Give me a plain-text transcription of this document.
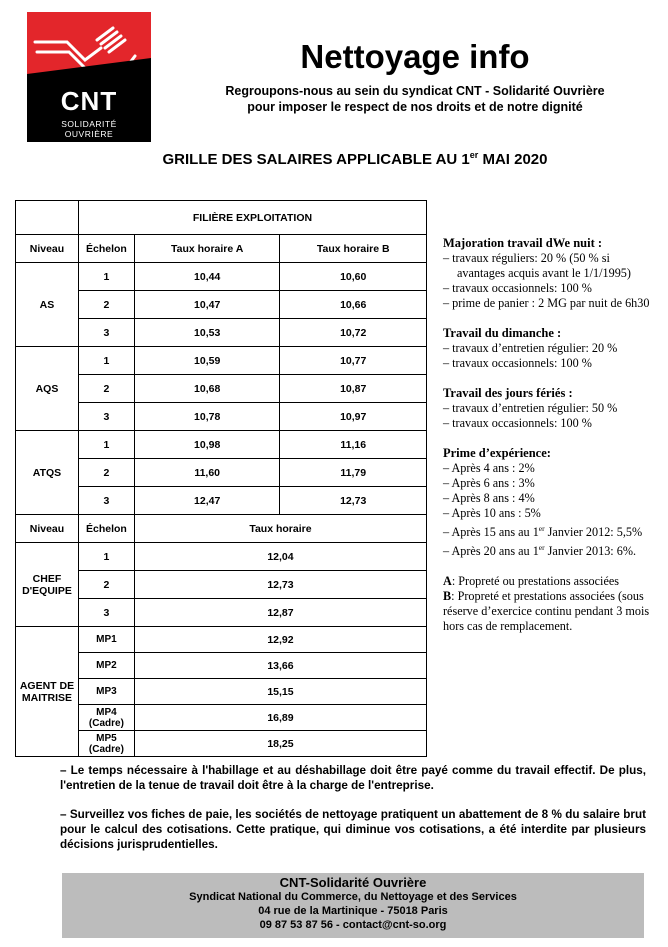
CNT
SOLIDARITÉ
OUVRIÈRE
Nettoyage info
Regroupons-nous au sein du syndicat CNT - Solidarité Ouvrière
pour imposer le respect de nos droits et de notre dignité
GRILLE DES SALAIRES APPLICABLE AU 1er MAI 2020
	FILIÈRE EXPLOITATION		
Niveau	Échelon	Taux horaire A	Taux horaire B
AS	1	10,44	10,60
	2	10,47	10,66
	3	10,53	10,72
AQS	1	10,59	10,77
	2	10,68	10,87
	3	10,78	10,97
ATQS	1	10,98	11,16
	2	11,60	11,79
	3	12,47	12,73
Niveau	Échelon	Taux horaire	

CHEF
D'EQUIPE	1	12,04	
	2	12,73	
	3	12,87	

AGENT DE
MAITRISE	MP1	12,92	

	MP2	13,66	

	MP3	15,15	

	MP4
(Cadre)	16,89	

	MP5
(Cadre)	18,25	
Majoration travail dWe nuit :
– travaux réguliers: 20 % (50 % si avantages acquis avant le 1/1/1995)
– travaux occasionnels: 100 %
– prime de panier : 2 MG par nuit de 6h30
Travail du dimanche :
– travaux d’entretien régulier: 20 %
– travaux occasionnels: 100 %
Travail des jours fériés :
– travaux d’entretien régulier: 50 %
– travaux occasionnels: 100 %
Prime d’expérience:
– Après 4 ans : 2%
– Après 6 ans : 3%
– Après 8 ans : 4%
– Après 10 ans : 5%
– Après 15 ans au 1er Janvier 2012: 5,5%
– Après 20 ans au 1er Janvier 2013: 6%.
A: Propreté ou prestations associées
B: Propreté et prestations associées (sous réserve d’exercice continu pendant 3 mois hors cas de remplacement.

– Le temps nécessaire à l'habillage et au déshabillage doit être payé comme du travail effectif. De plus, l'entretien de la tenue de travail doit être à la charge de l'entreprise.

– Surveillez vos fiches de paie, les sociétés de nettoyage pratiquent un abattement de 8 % du salaire brut pour le calcul des cotisations. Cette pratique, qui diminue vos cotisations, a été interdite par plusieurs décisions jurisprudentielles.

CNT-Solidarité Ouvrière
Syndicat National du Commerce, du Nettoyage et des Services
04 rue de la Martinique - 75018 Paris
09 87 53 87 56 - contact@cnt-so.org
